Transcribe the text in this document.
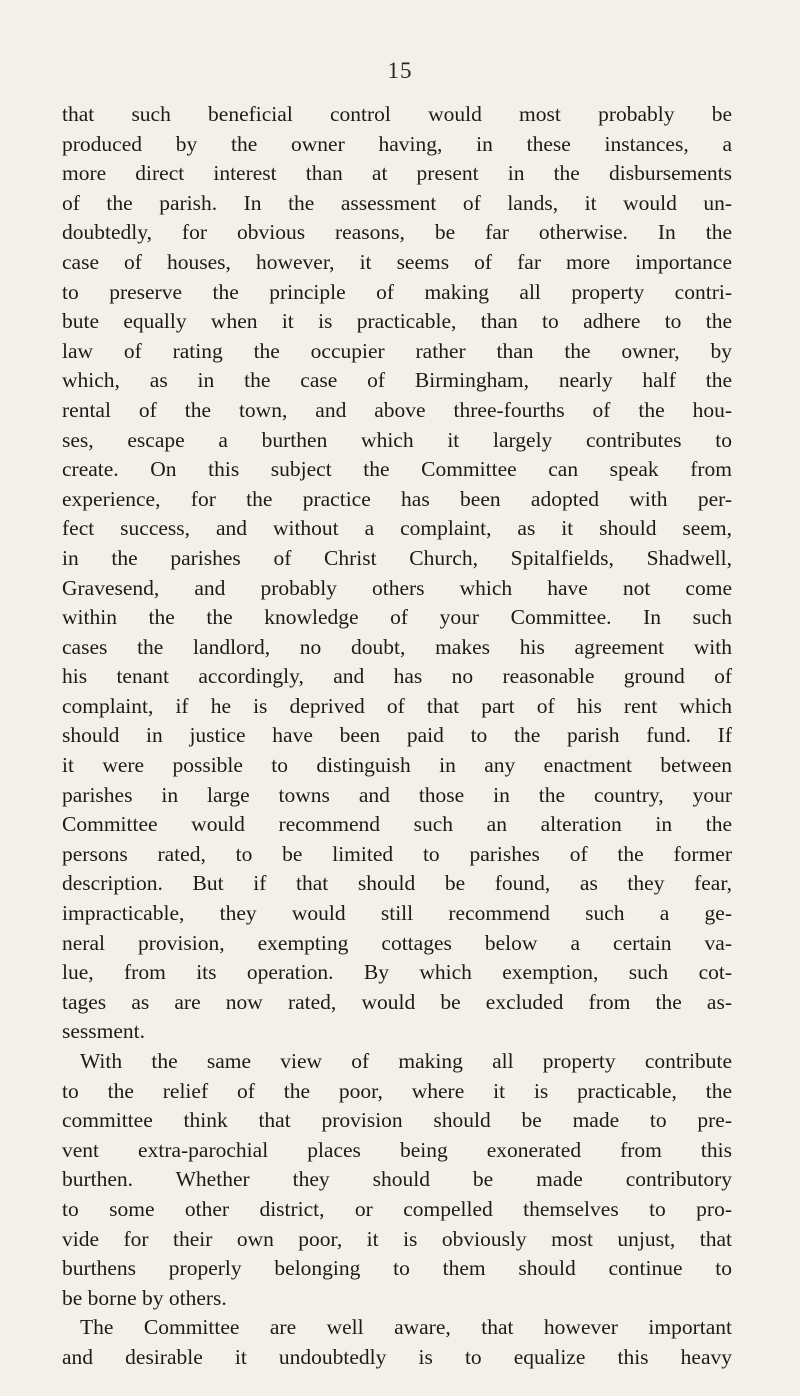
15
that such beneficial control would most probably be
produced by the owner having, in these instances, a
more direct interest than at present in the disbursements
of the parish. In the assessment of lands, it would un-
doubtedly, for obvious reasons, be far otherwise. In the
case of houses, however, it seems of far more importance
to preserve the principle of making all property contri-
bute equally when it is practicable, than to adhere to the
law of rating the occupier rather than the owner, by
which, as in the case of Birmingham, nearly half the
rental of the town, and above three-fourths of the hou-
ses, escape a burthen which it largely contributes to
create. On this subject the Committee can speak from
experience, for the practice has been adopted with per-
fect success, and without a complaint, as it should seem,
in the parishes of Christ Church, Spitalfields, Shadwell,
Gravesend, and probably others which have not come
within the the knowledge of your Committee. In such
cases the landlord, no doubt, makes his agreement with
his tenant accordingly, and has no reasonable ground of
complaint, if he is deprived of that part of his rent which
should in justice have been paid to the parish fund. If
it were possible to distinguish in any enactment between
parishes in large towns and those in the country, your
Committee would recommend such an alteration in the
persons rated, to be limited to parishes of the former
description. But if that should be found, as they fear,
impracticable, they would still recommend such a ge-
neral provision, exempting cottages below a certain va-
lue, from its operation. By which exemption, such cot-
tages as are now rated, would be excluded from the as-
sessment.
With the same view of making all property contribute
to the relief of the poor, where it is practicable, the
committee think that provision should be made to pre-
vent extra-parochial places being exonerated from this
burthen. Whether they should be made contributory
to some other district, or compelled themselves to pro-
vide for their own poor, it is obviously most unjust, that
burthens properly belonging to them should continue to
be borne by others.
The Committee are well aware, that however important
and desirable it undoubtedly is to equalize this heavy
